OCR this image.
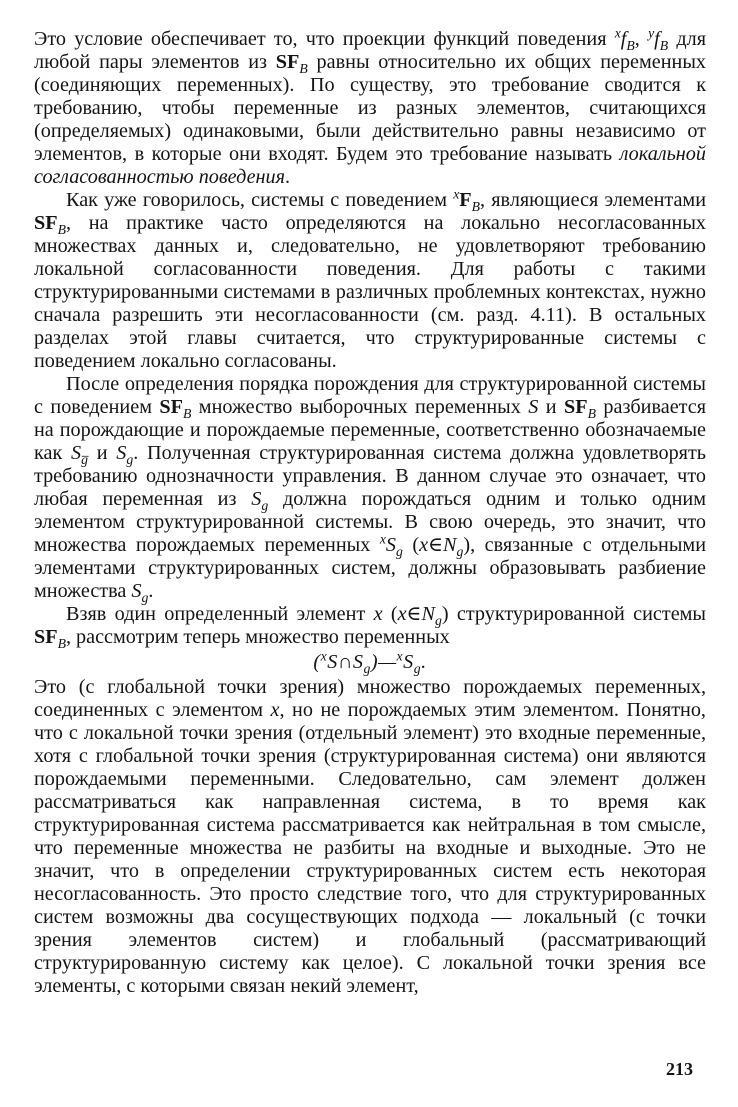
Это условие обеспечивает то, что проекции функций поведения $^xf_B$, $^yf_B$ для любой пары элементов из $SF_B$ равны относительно их общих переменных (соединяющих переменных). По существу, это требование сводится к требованию, чтобы переменные из разных элементов, считающихся (определяемых) одинаковыми, были действительно равны независимо от элементов, в которые они входят. Будем это требование называть локальной согласованностью поведения.

Как уже говорилось, системы с поведением $^xF_B$, являющиеся элементами $SF_B$, на практике часто определяются на локально несогласованных множествах данных и, следовательно, не удовлетворяют требованию локальной согласованности поведения. Для работы с такими структурированными системами в различных проблемных контекстах, нужно сначала разрешить эти несогласованности (см. разд. 4.11). В остальных разделах этой главы считается, что структурированные системы с поведением локально согласованы.

После определения порядка порождения для структурированной системы с поведением $SF_B$ множество выборочных переменных S и $SF_B$ разбивается на порождающие и порождаемые переменные, соответственно обозначаемые как $S_{g̅}$ и $S_g$. Полученная структурированная система должна удовлетворять требованию однозначности управления. В данном случае это означает, что любая переменная из $S_g$ должна порождаться одним и только одним элементом структурированной системы. В свою очередь, это значит, что множества порождаемых переменных $^xS_g$ $(x\in N_g)$, связанные с отдельными элементами структурированных систем, должны образовывать разбиение множества $S_g$.

Взяв один определенный элемент x $(x\in N_g)$ структурированной системы $SF_B$, рассмотрим теперь множество переменных

$(^xS\cap S_g)—^xS_g$.

Это (с глобальной точки зрения) множество порождаемых переменных, соединенных с элементом x, но не порождаемых этим элементом. Понятно, что с локальной точки зрения (отдельный элемент) это входные переменные, хотя с глобальной точки зрения (структурированная система) они являются порождаемыми переменными. Следовательно, сам элемент должен рассматриваться как направленная система, в то время как структурированная система рассматривается как нейтральная в том смысле, что переменные множества не разбиты на входные и выходные. Это не значит, что в определении структурированных систем есть некоторая несогласованность. Это просто следствие того, что для структурированных систем возможны два сосуществующих подхода — локальный (с точки зрения элементов систем) и глобальный (рассматривающий структурированную систему как целое). С локальной точки зрения все элементы, с которыми связан некий элемент,

213
